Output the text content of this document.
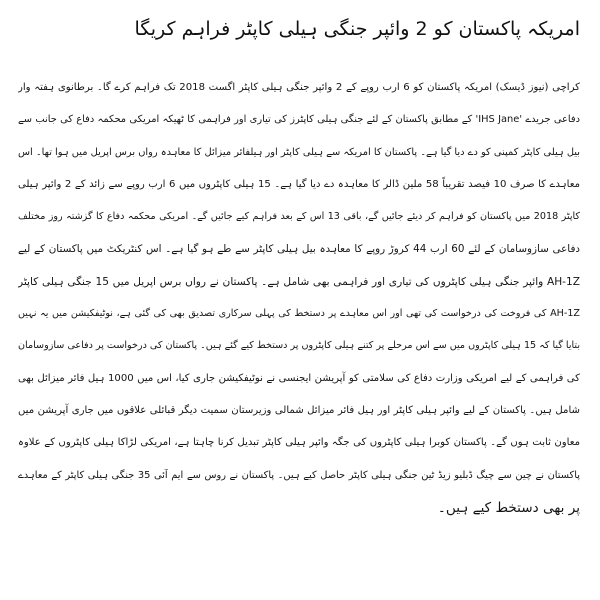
امریکہ پاکستان کو 2 وائپر جنگی ہیلی کاپٹر فراہم کریگا
کراچی (نیوز ڈیسک) امریکہ پاکستان کو 6 ارب روپے کے 2 وائپر جنگی ہیلی کاپٹر اگست 2018 تک فراہم کرے گا۔ برطانوی ہفتہ وار
دفاعی جریدے 'IHS Jane' کے مطابق پاکستان کے لئے جنگی ہیلی کاپٹرز کی تیاری اور فراہمی کا ٹھیکہ امریکی محکمہ دفاع کی جانب سے
بیل ہیلی کاپٹر کمپنی کو دے دیا گیا ہے۔ پاکستان کا امریکہ سے ہیلی کاپٹر اور ہیلفائر میزائل کا معاہدہ رواں برس اپریل میں ہوا تھا۔ اس
معاہدے کا صرف 10 فیصد تقریباً 58 ملین ڈالر کا معاہدہ دے دیا گیا ہے۔ 15 ہیلی کاپٹروں میں 6 ارب روپے سے زائد کے 2 وائپر ہیلی
کاپٹر 2018 میں پاکستان کو فراہم کر دیئے جائیں گے، باقی 13 اس کے بعد فراہم کیے جائیں گے۔ امریکی محکمہ دفاع کا گزشتہ روز مختلف
دفاعی سازوسامان کے لئے 60 ارب 44 کروڑ روپے کا معاہدہ بیل ہیلی کاپٹر سے طے ہو گیا ہے۔ اس کنٹریکٹ میں پاکستان کے لیے
AH-1Z وائپر جنگی ہیلی کاپٹروں کی تیاری اور فراہمی بھی شامل ہے۔ پاکستان نے رواں برس اپریل میں 15 جنگی ہیلی کاپٹر
AH-1Z کی فروخت کی درخواست کی تھی اور اس معاہدے پر دستخط کی پہلی سرکاری تصدیق بھی کی گئی ہے، نوٹیفکیشن میں یہ نہیں
بتایا گیا کہ 15 ہیلی کاپٹروں میں سے اس مرحلے پر کتنے ہیلی کاپٹروں پر دستخط کیے گئے ہیں۔ پاکستان کی درخواست پر دفاعی سازوسامان
کی فراہمی کے لیے امریکی وزارت دفاع کی سلامتی کو آپریشن ایجنسی نے نوٹیفکیشن جاری کیا، اس میں 1000 ہیل فائر میزائل بھی
شامل ہیں۔ پاکستان کے لیے وائپر ہیلی کاپٹر اور ہیل فائر میزائل شمالی وزیرستان سمیت دیگر قبائلی علاقوں میں جاری آپریشن میں
معاون ثابت ہوں گے۔ پاکستان کوبرا ہیلی کاپٹروں کی جگہ وائپر ہیلی کاپٹر تبدیل کرنا چاہتا ہے، امریکی لڑاکا ہیلی کاپٹروں کے علاوہ
پاکستان نے چین سے چیگ ڈبلیو زیڈ ٹین جنگی ہیلی کاپٹر حاصل کیے ہیں۔ پاکستان نے روس سے ایم آئی 35 جنگی ہیلی کاپٹر کے معاہدے
پر بھی دستخط کیے ہیں۔
